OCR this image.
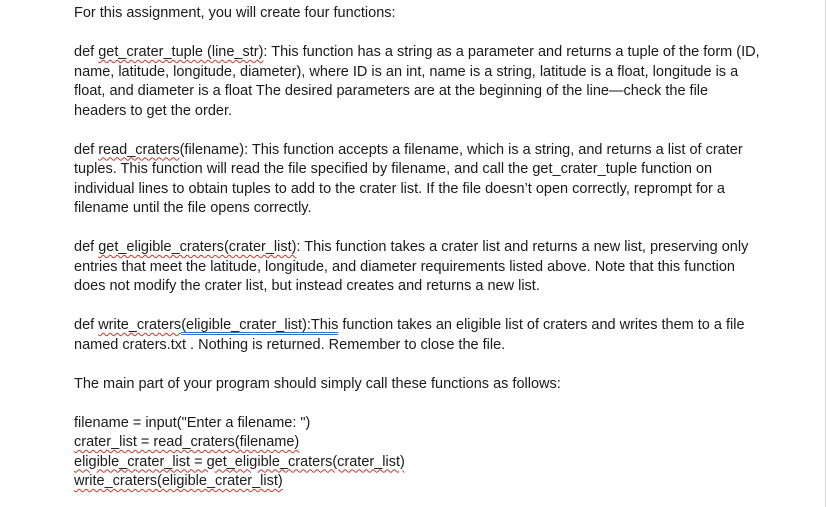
For this assignment, you will create four functions:

def get_crater_tuple (line_str): This function has a string as a parameter and returns a tuple of the form (ID, name, latitude, longitude, diameter), where ID is an int, name is a string, latitude is a float, longitude is a float, and diameter is a float The desired parameters are at the beginning of the line—check the file headers to get the order.

def read_craters(filename): This function accepts a filename, which is a string, and returns a list of crater tuples. This function will read the file specified by filename, and call the get_crater_tuple function on individual lines to obtain tuples to add to the crater list. If the file doesn’t open correctly, reprompt for a filename until the file opens correctly.

def get_eligible_craters(crater_list): This function takes a crater list and returns a new list, preserving only entries that meet the latitude, longitude, and diameter requirements listed above. Note that this function does not modify the crater list, but instead creates and returns a new list.

def write_craters(eligible_crater_list):This function takes an eligible list of craters and writes them to a file named craters.txt . Nothing is returned. Remember to close the file.

The main part of your program should simply call these functions as follows:

filename = input("Enter a filename: ")

crater_list = read_craters(filename)

eligible_crater_list = get_eligible_craters(crater_list)

write_craters(eligible_crater_list)
